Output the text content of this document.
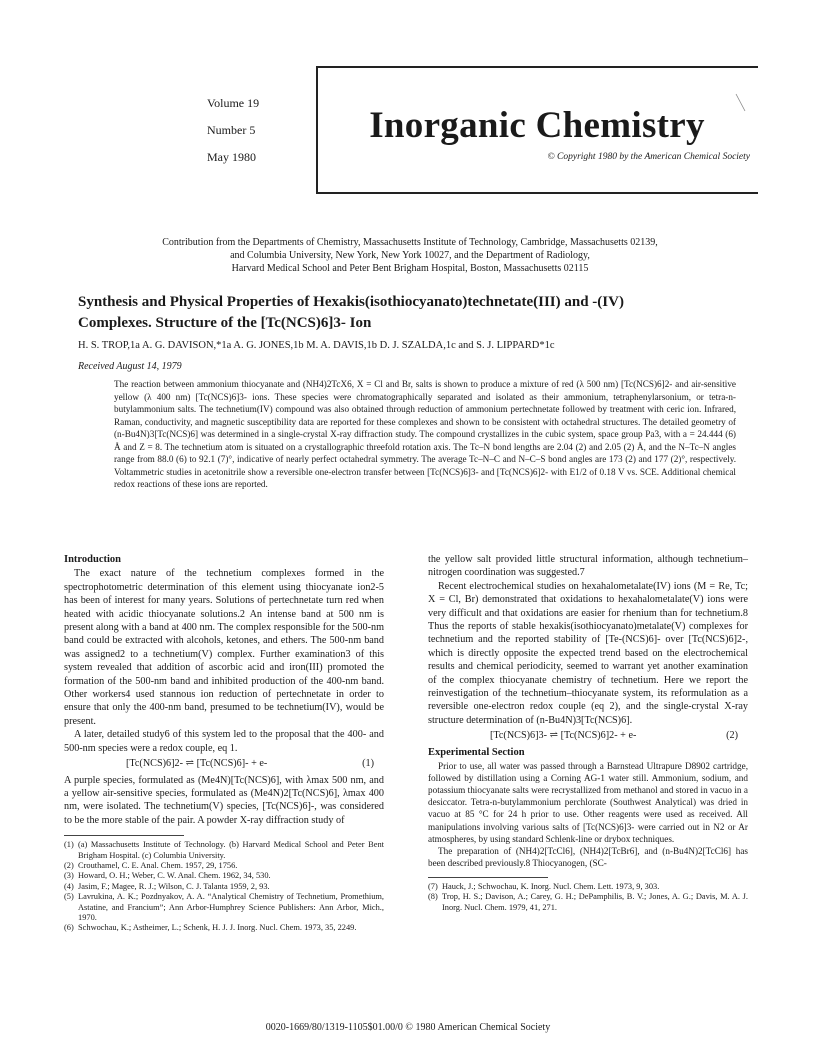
Volume 19
Number 5
May 1980
Inorganic Chemistry
© Copyright 1980 by the American Chemical Society
Contribution from the Departments of Chemistry, Massachusetts Institute of Technology, Cambridge, Massachusetts 02139,
and Columbia University, New York, New York 10027, and the Department of Radiology,
Harvard Medical School and Peter Bent Brigham Hospital, Boston, Massachusetts 02115
Synthesis and Physical Properties of Hexakis(isothiocyanato)technetate(III) and -(IV)
Complexes. Structure of the [Tc(NCS)6]3- Ion
H. S. TROP,1a A. G. DAVISON,*1a A. G. JONES,1b M. A. DAVIS,1b D. J. SZALDA,1c and S. J. LIPPARD*1c
Received August 14, 1979
The reaction between ammonium thiocyanate and (NH4)2TcX6, X = Cl and Br, salts is shown to produce a mixture of red (λ 500 nm) [Tc(NCS)6]2- and air-sensitive yellow (λ 400 nm) [Tc(NCS)6]3- ions. These species were chromatographically separated and isolated as their ammonium, tetraphenylarsonium, or tetra-n-butylammonium salts. The technetium(IV) compound was also obtained through reduction of ammonium pertechnetate followed by treatment with ceric ion. Infrared, Raman, conductivity, and magnetic susceptibility data are reported for these complexes and shown to be consistent with octahedral structures. The detailed geometry of (n-Bu4N)3[Tc(NCS)6] was determined in a single-crystal X-ray diffraction study. The compound crystallizes in the cubic system, space group Pa3, with a = 24.444 (6) Å and Z = 8. The technetium atom is situated on a crystallographic threefold rotation axis. The Tc–N bond lengths are 2.04 (2) and 2.05 (2) Å, and the N–Tc–N angles range from 88.0 (6) to 92.1 (7)°, indicative of nearly perfect octahedral symmetry. The average Tc–N–C and N–C–S bond angles are 173 (2) and 177 (2)°, respectively. Voltammetric studies in acetonitrile show a reversible one-electron transfer between [Tc(NCS)6]3- and [Tc(NCS)6]2- with E1/2 of 0.18 V vs. SCE. Additional chemical redox reactions of these ions are reported.
Introduction

The exact nature of the technetium complexes formed in the spectrophotometric determination of this element using thiocyanate ion2-5 has been of interest for many years. Solutions of pertechnetate turn red when heated with acidic thiocyanate solutions.2 An intense band at 500 nm is present along with a band at 400 nm. The complex responsible for the 500-nm band could be extracted with alcohols, ketones, and ethers. The 500-nm band was assigned2 to a technetium(V) complex. Further examination3 of this system revealed that addition of ascorbic acid and iron(III) promoted the formation of the 500-nm band and inhibited production of the 400-nm band. Other workers4 used stannous ion reduction of pertechnetate in order to ensure that only the 400-nm band, presumed to be technetium(IV), would be present.

A later, detailed study6 of this system led to the proposal that the 400- and 500-nm species were a redox couple, eq 1.

[Tc(NCS)6]2- ⇌ [Tc(NCS)6]- + e-	(1)

A purple species, formulated as (Me4N)[Tc(NCS)6], with λmax 500 nm, and a yellow air-sensitive species, formulated as (Me4N)2[Tc(NCS)6], λmax 400 nm, were isolated. The technetium(V) species, [Tc(NCS)6]-, was considered to be the more stable of the pair. A powder X-ray diffraction study of

(1) (a) Massachusetts Institute of Technology. (b) Harvard Medical School and Peter Bent Brigham Hospital. (c) Columbia University.
(2) Crouthamel, C. E. Anal. Chem. 1957, 29, 1756.
(3) Howard, O. H.; Weber, C. W. Anal. Chem. 1962, 34, 530.
(4) Jasim, F.; Magee, R. J.; Wilson, C. J. Talanta 1959, 2, 93.
(5) Lavrukina, A. K.; Pozdnyakov, A. A. “Analytical Chemistry of Technetium, Promethium, Astatine, and Francium”; Ann Arbor-Humphrey Science Publishers: Ann Arbor, Mich., 1970.
(6) Schwochau, K.; Astheimer, L.; Schenk, H. J. J. Inorg. Nucl. Chem. 1973, 35, 2249.

the yellow salt provided little structural information, although technetium–nitrogen coordination was suggested.7

Recent electrochemical studies on hexahalometalate(IV) ions (M = Re, Tc; X = Cl, Br) demonstrated that oxidations to hexahalometalate(V) ions were very difficult and that oxidations are easier for rhenium than for technetium.8 Thus the reports of stable hexakis(isothiocyanato)metalate(V) complexes for technetium and the reported stability of [Te-(NCS)6]- over [Tc(NCS)6]2-, which is directly opposite the expected trend based on the electrochemical results and chemical periodicity, seemed to warrant yet another examination of the complex thiocyanate chemistry of technetium. Here we report the reinvestigation of the technetium–thiocyanate system, its reformulation as a reversible one-electron redox couple (eq 2), and the single-crystal X-ray structure determination of (n-Bu4N)3[Tc(NCS)6].

[Tc(NCS)6]3- ⇌ [Tc(NCS)6]2- + e-	(2)
Experimental Section

Prior to use, all water was passed through a Barnstead Ultrapure D8902 cartridge, followed by distillation using a Corning AG-1 water still. Ammonium, sodium, and potassium thiocyanate salts were recrystallized from methanol and stored in vacuo in a desiccator. Tetra-n-butylammonium perchlorate (Southwest Analytical) was dried in vacuo at 85 °C for 24 h prior to use. Other reagents were used as received. All manipulations involving various salts of [Tc(NCS)6]3- were carried out in N2 or Ar atmospheres, by using standard Schlenk-line or drybox techniques.

The preparation of (NH4)2[TcCl6], (NH4)2[TcBr6], and (n-Bu4N)2[TcCl6] has been described previously.8 Thiocyanogen, (SC-

(7) Hauck, J.; Schwochau, K. Inorg. Nucl. Chem. Lett. 1973, 9, 303.
(8) Trop, H. S.; Davison, A.; Carey, G. H.; DePamphilis, B. V.; Jones, A. G.; Davis, M. A. J. Inorg. Nucl. Chem. 1979, 41, 271.
0020-1669/80/1319-1105$01.00/0 © 1980 American Chemical Society
